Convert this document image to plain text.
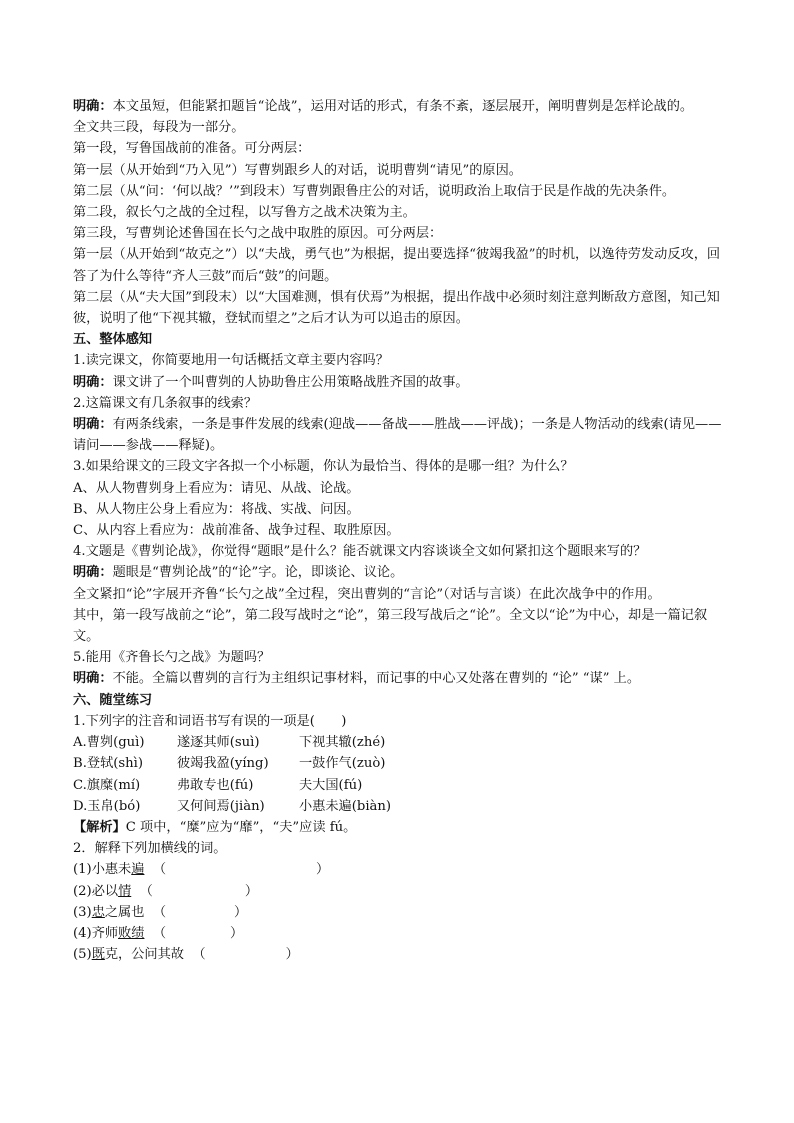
明确：本文虽短，但能紧扣题旨“论战”，运用对话的形式，有条不紊，逐层展开，阐明曹刿是怎样论战的。

全文共三段，每段为一部分。

第一段，写鲁国战前的准备。可分两层：

第一层（从开始到“乃入见”）写曹刿跟乡人的对话，说明曹刿“请见”的原因。

第二层（从“问：‘何以战？’”到段末）写曹刿跟鲁庄公的对话，说明政治上取信于民是作战的先决条件。

第二段，叙长勺之战的全过程，以写鲁方之战术决策为主。

第三段，写曹刿论述鲁国在长勺之战中取胜的原因。可分两层：

第一层（从开始到“故克之”）以“夫战，勇气也”为根据，提出要选择“彼竭我盈”的时机，以逸待劳发动反攻，回答了为什么等待“齐人三鼓”而后“鼓”的问题。

第二层（从“夫大国”到段末）以“大国难测，惧有伏焉”为根据，提出作战中必须时刻注意判断敌方意图，知己知彼，说明了他“下视其辙，登轼而望之”之后才认为可以追击的原因。

五、整体感知

1.读完课文，你简要地用一句话概括文章主要内容吗？

明确：课文讲了一个叫曹刿的人协助鲁庄公用策略战胜齐国的故事。

2.这篇课文有几条叙事的线索？

明确：有两条线索，一条是事件发展的线索(迎战——备战——胜战——评战)；一条是人物活动的线索(请见——请问——参战——释疑)。

3.如果给课文的三段文字各拟一个小标题，你认为最恰当、得体的是哪一组？为什么？

A、从人物曹刿身上看应为：请见、从战、论战。

B、从人物庄公身上看应为：将战、实战、问因。

C、从内容上看应为：战前准备、战争过程、取胜原因。

4.文题是《曹刿论战》，你觉得“题眼”是什么？能否就课文内容谈谈全文如何紧扣这个题眼来写的？

明确：题眼是“曹刿论战”的“论”字。论，即谈论、议论。

全文紧扣“论”字展开齐鲁“长勺之战”全过程，突出曹刿的“言论”（对话与言谈）在此次战争中的作用。

其中，第一段写战前之“论”，第二段写战时之“论”，第三段写战后之“论”。全文以“论”为中心，却是一篇记叙文。

5.能用《齐鲁长勺之战》为题吗？

明确：不能。全篇以曹刿的言行为主组织记事材料，而记事的中心又处落在曹刿的 “论” “谋” 上。

六、随堂练习

1.下列字的注音和词语书写有误的一项是(　　)

A.曹刿(guì) 遂逐其师(suì)	下视其辙(zhé)

B.登轼(shì)	彼竭我盈(yíng) 一鼓作气(zuò)

C.旗糜(mí)	弗敢专也(fú)	夫大国(fú)

D.玉帛(bó)	又何间焉(jiàn)	小惠未遍(biàn)

【解析】C 项中，“糜”应为“靡”，“夫”应读 fú。

2．解释下列加横线的词。

(1)小惠未遍 （	）

(2)必以情 （	）

(3)忠之属也 （	）

(4)齐师败绩 （	）

(5)既克，公问其故 （	）
